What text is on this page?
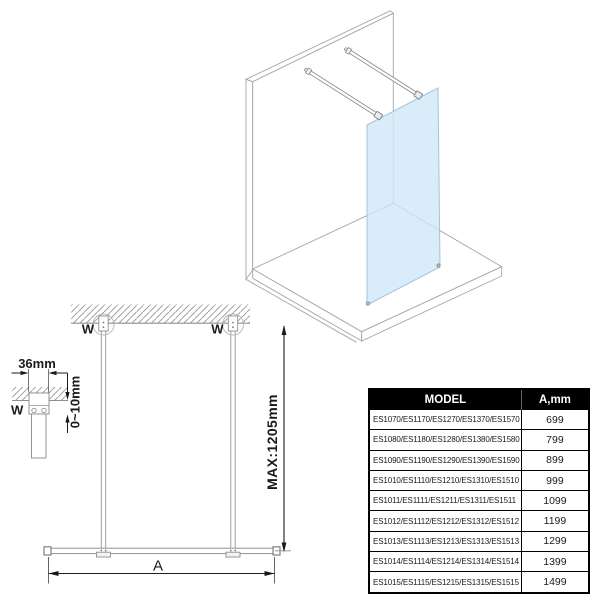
W	W
MAX:1205mm
A
36mm
W	0~10mm	MODEL	A,mm
ES1070/ES1170/ES1270/ES1370/ES1570	699
ES1080/ES1180/ES1280/ES1380/ES1580	799
ES1090/ES1190/ES1290/ES1390/ES1590	899
ES1010/ES1110/ES1210/ES1310/ES1510	999
ES1011/ES1111/ES1211/ES1311/ES1511	1099
ES1012/ES1112/ES1212/ES1312/ES1512	1199
ES1013/ES1113/ES1213/ES1313/ES1513	1299
ES1014/ES1114/ES1214/ES1314/ES1514	1399
ES1015/ES1115/ES1215/ES1315/ES1515	1499
